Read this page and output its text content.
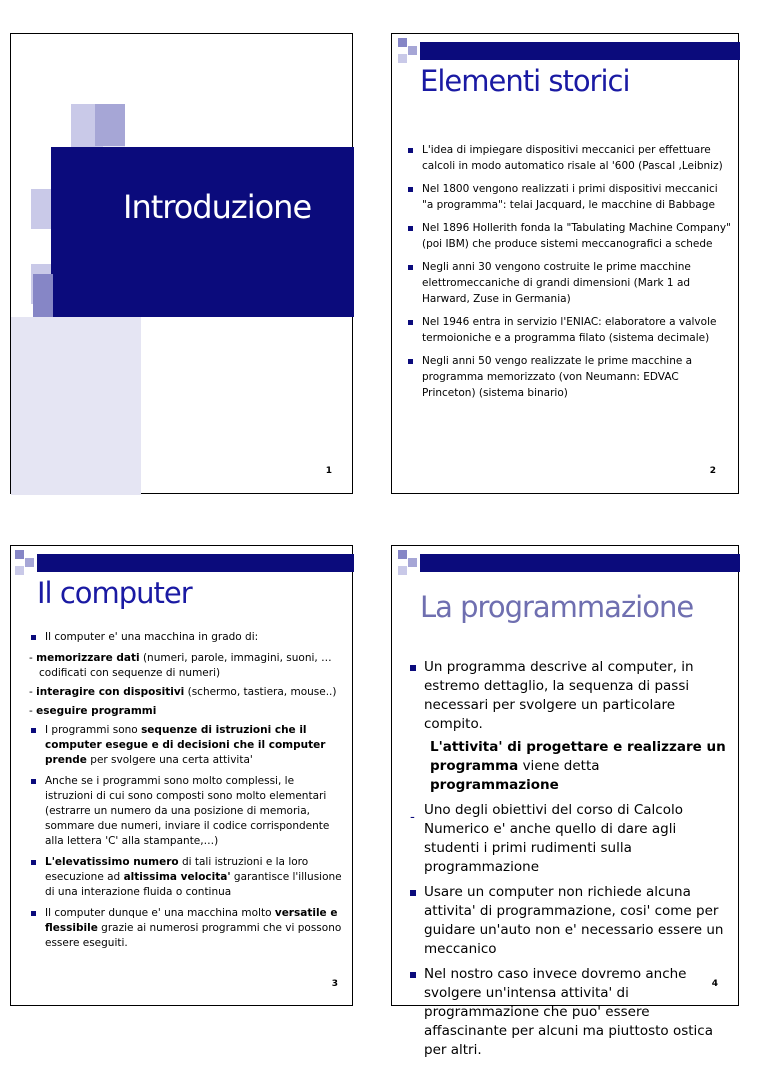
Introduzione
1
Elementi storici
L'idea di impiegare dispositivi meccanici per effettuare calcoli in modo automatico risale al '600 (Pascal ,Leibniz)
Nel 1800 vengono realizzati i primi dispositivi meccanici "a programma": telai Jacquard, le macchine di Babbage
Nel 1896 Hollerith fonda la "Tabulating Machine Company" (poi IBM) che produce sistemi meccanografici a schede
Negli anni 30 vengono costruite le prime macchine elettromeccaniche di grandi dimensioni (Mark 1 ad Harward, Zuse in Germania)
Nel 1946 entra in servizio l'ENIAC: elaboratore a valvole termoioniche e a programma filato (sistema decimale)
Negli anni 50 vengo realizzate le prime macchine a programma memorizzato (von Neumann: EDVAC Princeton) (sistema binario)
2
Il computer
Il computer e' una macchina in grado di:

- memorizzare dati (numeri, parole, immagini, suoni, …codificati con sequenze di numeri)

- interagire con dispositivi (schermo, tastiera, mouse..)

- eseguire programmi

I programmi sono sequenze di istruzioni che il computer esegue e di decisioni che il computer prende per svolgere una certa attivita'
Anche se i programmi sono molto complessi, le istruzioni di cui sono composti sono molto elementari (estrarre un numero da una posizione di memoria, sommare due numeri, inviare il codice corrispondente alla lettera 'C' alla stampante,…)
L'elevatissimo numero di tali istruzioni e la loro esecuzione ad altissima velocita' garantisce l'illusione di una interazione fluida o continua
Il computer dunque e' una macchina molto versatile e flessibile grazie ai numerosi programmi che vi possono essere eseguiti.
3
La programmazione
Un programma descrive al computer, in estremo dettaglio, la sequenza di passi necessari per svolgere un particolare compito.
L'attivita' di progettare e realizzare un programma viene detta programmazione
- Uno degli obiettivi del corso di Calcolo Numerico e' anche quello di dare agli studenti i primi rudimenti sulla programmazione
Usare un computer non richiede alcuna attivita' di programmazione, cosi' come per guidare un'auto non e' necessario essere un meccanico
Nel nostro caso invece dovremo anche svolgere un'intensa attivita' di programmazione che puo' essere affascinante per alcuni ma piuttosto ostica per altri.
4
